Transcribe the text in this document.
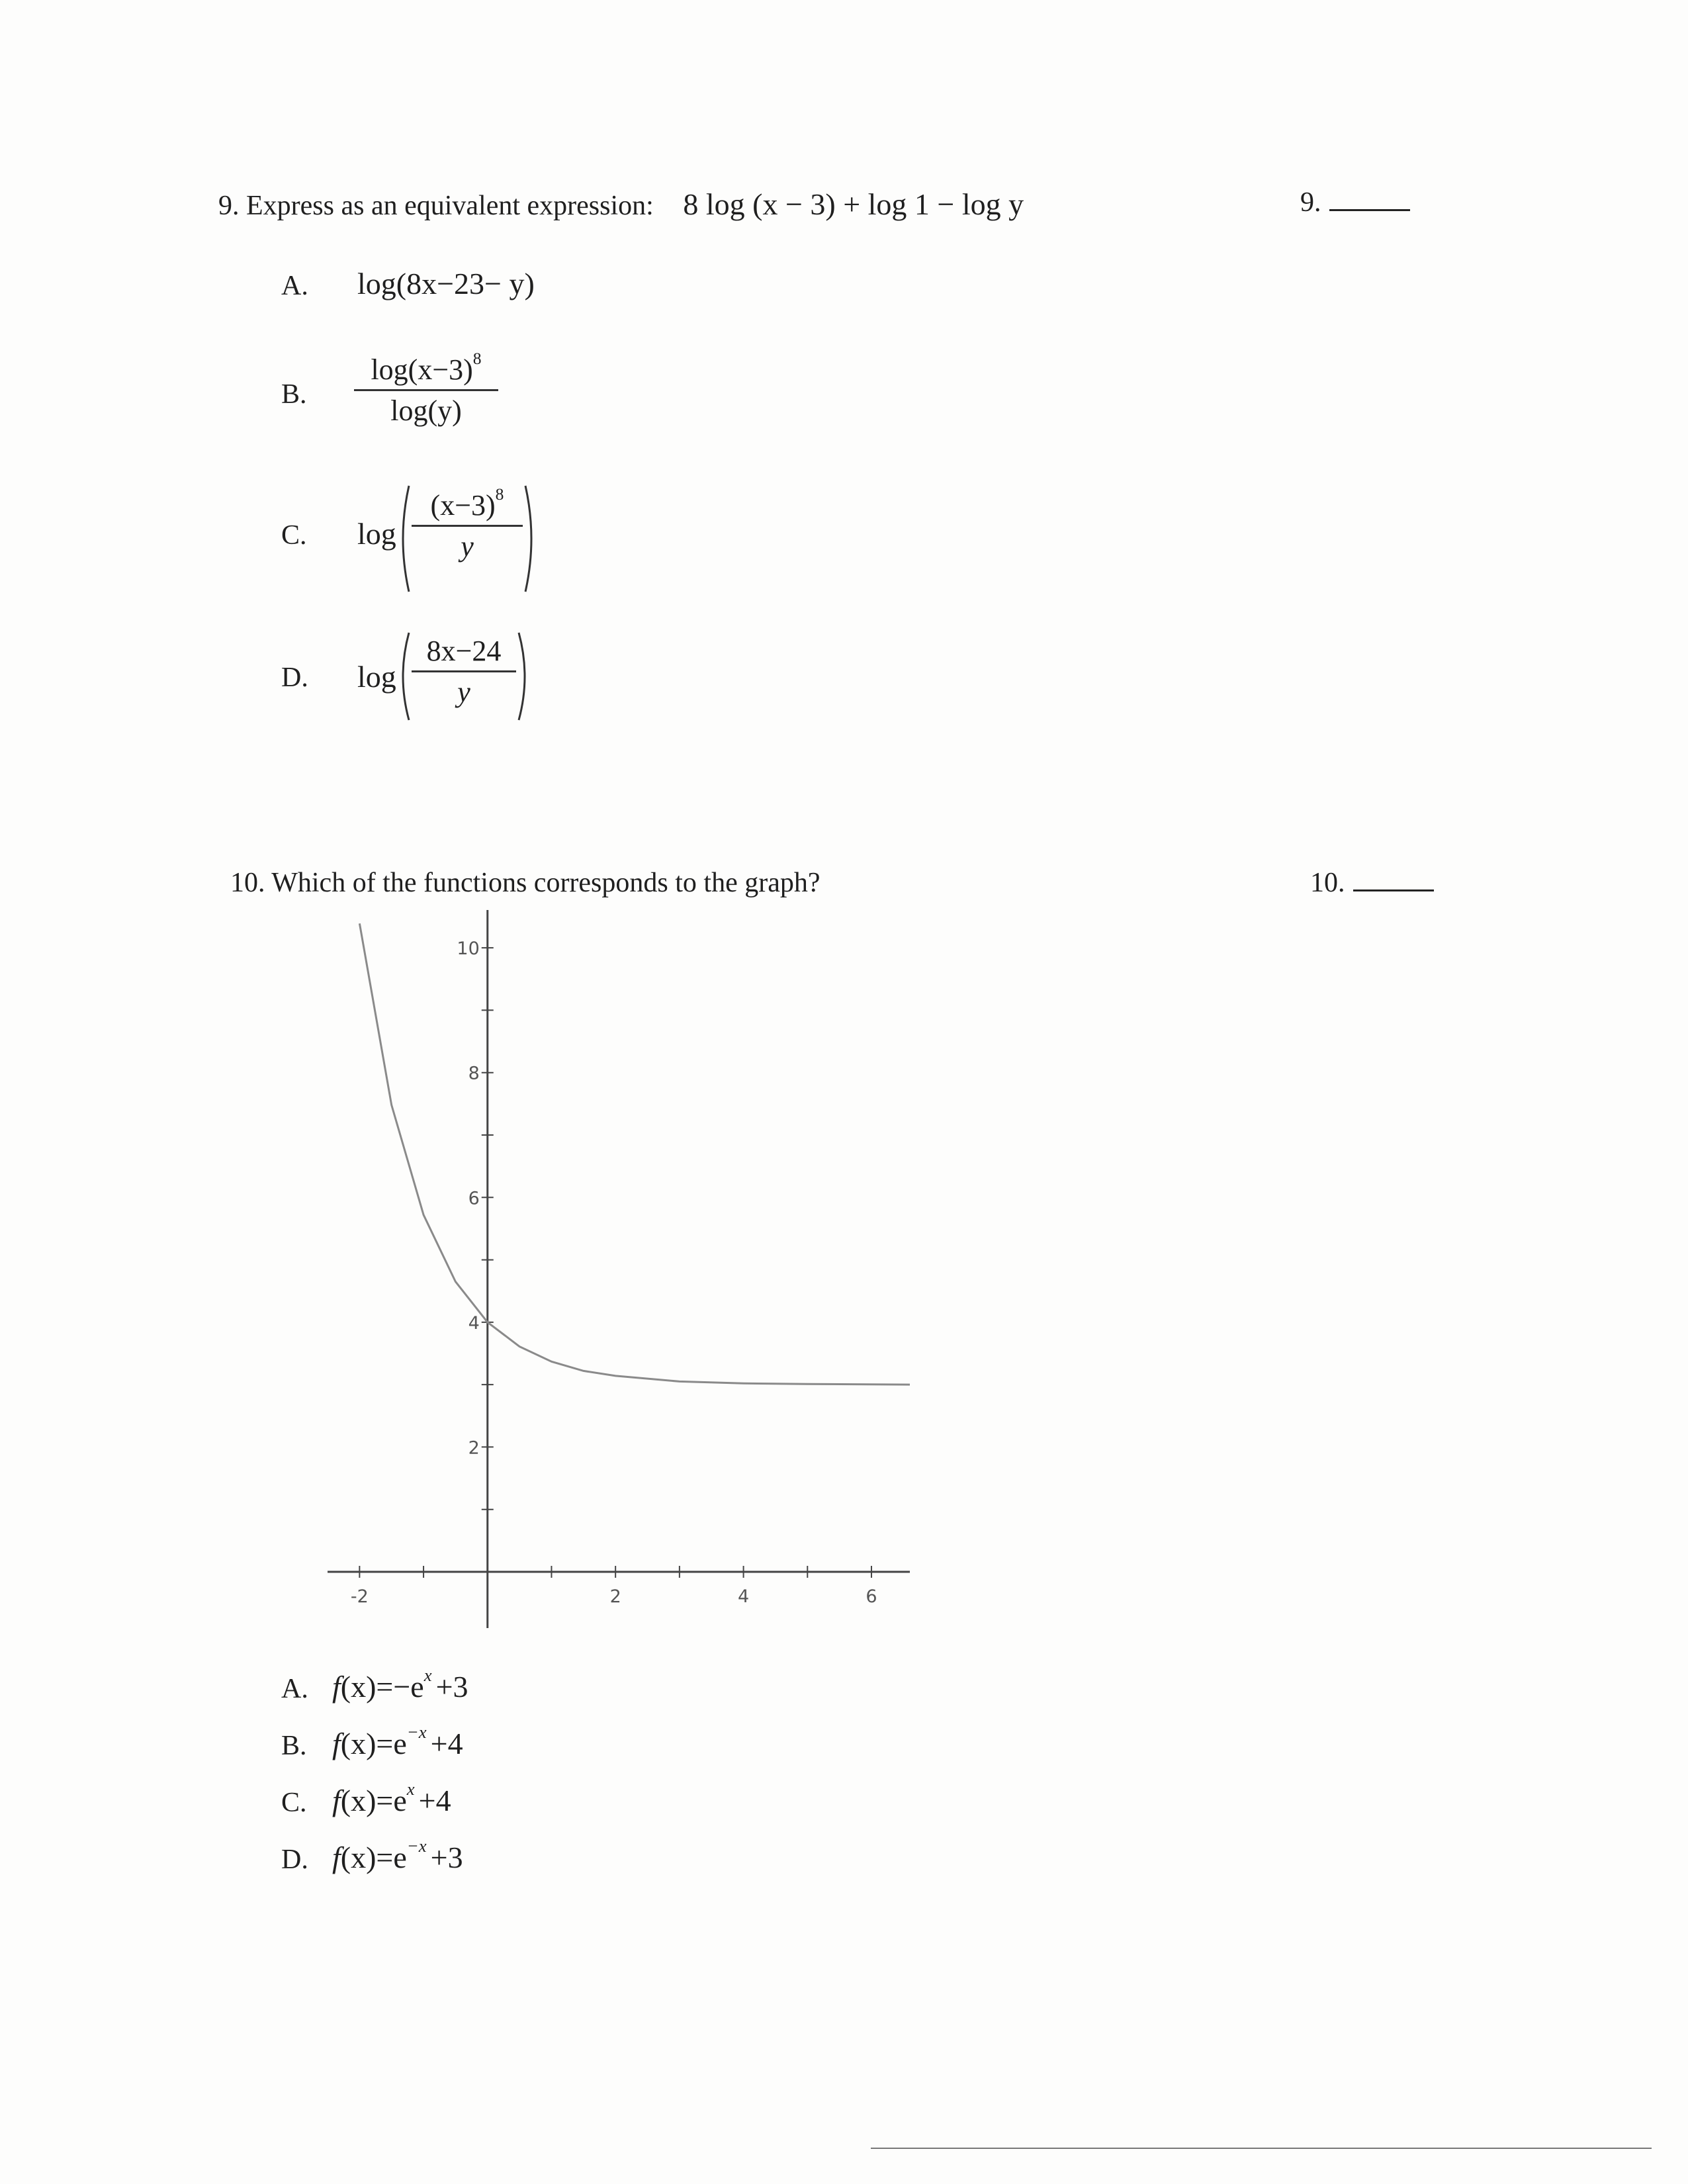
9. Express as an equivalent expression: 8 log (x − 3) + log 1 − log y	9.
A. log(8x−23− y)
B.
$\log(x-3)^8$
log(y)
C. log
$(x-3)^8$
y
D. log
8x−24
y
10. Which of the functions corresponds to the graph?	10.
-2	2	4	6
2
4
6
8
10
A. $f(x)=-e^x +3$
B. $f(x)=e^{-x} +4$
C. $f(x)=e^x +4$
D. $f(x)=e^{-x} +3$
